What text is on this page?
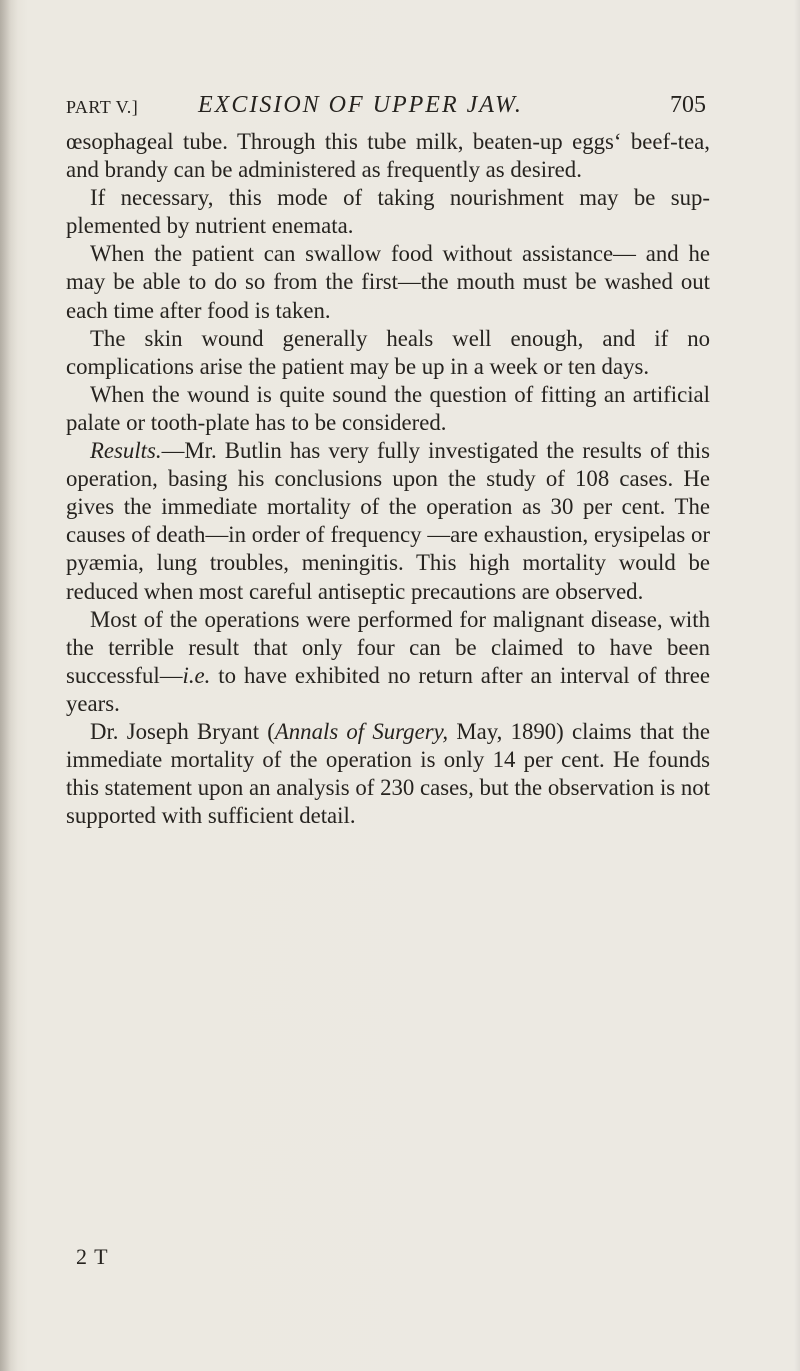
PART V.] EXCISION OF UPPER JAW.	705

œsophageal tube. Through this tube milk, beaten-up eggs‘ beef-tea, and brandy can be administered as frequently as desired.

If necessary, this mode of taking nourishment may be supplemented by nutrient enemata.

When the patient can swallow food without assistance— and he may be able to do so from the first—the mouth must be washed out each time after food is taken.

The skin wound generally heals well enough, and if no complications arise the patient may be up in a week or ten days.

When the wound is quite sound the question of fitting an artificial palate or tooth-plate has to be considered.

Results.—Mr. Butlin has very fully investigated the results of this operation, basing his conclusions upon the study of 108 cases. He gives the immediate mortality of the operation as 30 per cent. The causes of death—in order of frequency —are exhaustion, erysipelas or pyæmia, lung troubles, meningitis. This high mortality would be reduced when most careful antiseptic precautions are observed.

Most of the operations were performed for malignant disease, with the terrible result that only four can be claimed to have been successful—i.e. to have exhibited no return after an interval of three years.

Dr. Joseph Bryant (Annals of Surgery, May, 1890) claims that the immediate mortality of the operation is only 14 per cent. He founds this statement upon an analysis of 230 cases, but the observation is not supported with sufficient detail.

2 T
